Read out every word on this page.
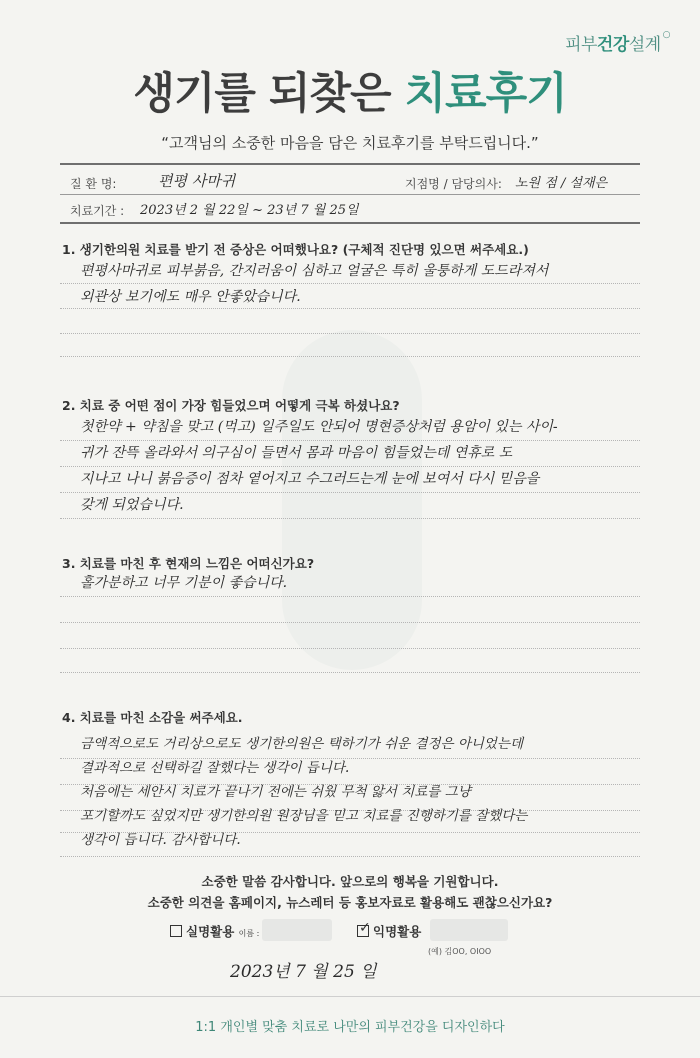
피부건강설계 ○
생기를 되찾은 치료후기
“고객님의 소중한 마음을 담은 치료후기를 부탁드립니다.”
질 환 명:	편평 사마귀	지점명 / 담당의사: 노원 점 / 설재은
치료기간 : 2023년 2 월 22일 ~ 23년 7 월 25일
1. 생기한의원 치료를 받기 전 증상은 어떠했나요? (구체적 진단명 있으면 써주세요.)
편평사마귀로 피부붉음, 간지러움이 심하고 얼굴은 특히 울퉁하게 도드라져서
외관상 보기에도 매우 안좋았습니다.
2. 치료 중 어떤 점이 가장 힘들었으며 어떻게 극복 하셨나요?
첫한약 + 약침을 맞고 (먹고) 일주일도 안되어 명현증상처럼 용암이 있는 사이-
귀가 잔뜩 올라와서 의구심이 들면서 몸과 마음이 힘들었는데 연휴로 도
지나고 나니 붉음증이 점차 옅어지고 수그러드는게 눈에 보여서 다시 믿음을
갖게 되었습니다.
3. 치료를 마친 후 현재의 느낌은 어떠신가요?
홀가분하고 너무 기분이 좋습니다.
4. 치료를 마친 소감을 써주세요.
금액적으로도 거리상으로도 생기한의원은 택하기가 쉬운 결정은 아니었는데
결과적으로 선택하길 잘했다는 생각이 듭니다.
처음에는 세안시 치료가 끝나기 전에는 쉬웠 무척 앓서 치료를 그냥
포기할까도 싶었지만 생기한의원 원장님을 믿고 치료를 진행하기를 잘했다는
생각이 듭니다. 감사합니다.
소중한 말씀 감사합니다. 앞으로의 행복을 기원합니다.
소중한 의견을 홈페이지, 뉴스레터 등 홍보자료로 활용해도 괜찮으신가요?
실명활용 이름 :	✓ 익명활용
(예) 김OO, OIOO
2023년 7 월 25 일
1:1 개인별 맞춤 치료로 나만의 피부건강을 디자인하다
